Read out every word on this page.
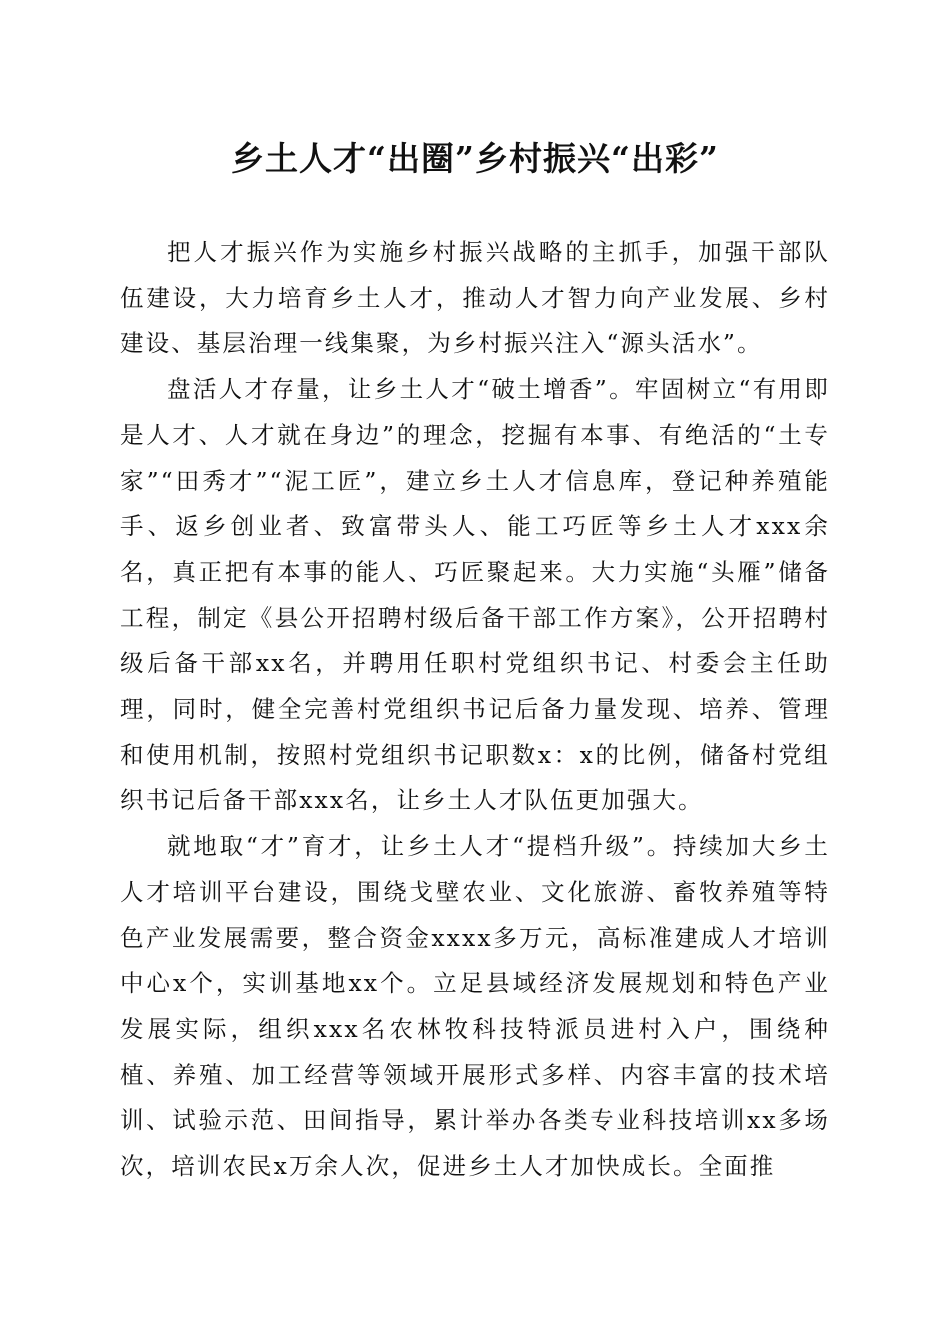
乡土人才“出圈”乡村振兴“出彩”

把人才振兴作为实施乡村振兴战略的主抓手，加强干部队伍建设，大力培育乡土人才，推动人才智力向产业发展、乡村建设、基层治理一线集聚，为乡村振兴注入“源头活水”。

盘活人才存量，让乡土人才“破土增香”。牢固树立“有用即是人才、人才就在身边”的理念，挖掘有本事、有绝活的“土专家”“田秀才”“泥工匠”，建立乡土人才信息库，登记种养殖能手、返乡创业者、致富带头人、能工巧匠等乡土人才xxx余名，真正把有本事的能人、巧匠聚起来。大力实施“头雁”储备工程，制定《县公开招聘村级后备干部工作方案》，公开招聘村级后备干部xx名，并聘用任职村党组织书记、村委会主任助理，同时，健全完善村党组织书记后备力量发现、培养、管理和使用机制，按照村党组织书记职数x：x的比例，储备村党组织书记后备干部xxx名，让乡土人才队伍更加强大。

就地取“才”育才，让乡土人才“提档升级”。持续加大乡土人才培训平台建设，围绕戈壁农业、文化旅游、畜牧养殖等特色产业发展需要，整合资金xxxx多万元，高标准建成人才培训中心x个，实训基地xx个。立足县域经济发展规划和特色产业发展实际，组织xxx名农林牧科技特派员进村入户，围绕种植、养殖、加工经营等领域开展形式多样、内容丰富的技术培训、试验示范、田间指导，累计举办各类专业科技培训xx多场次，培训农民x万余人次，促进乡土人才加快成长。全面推
